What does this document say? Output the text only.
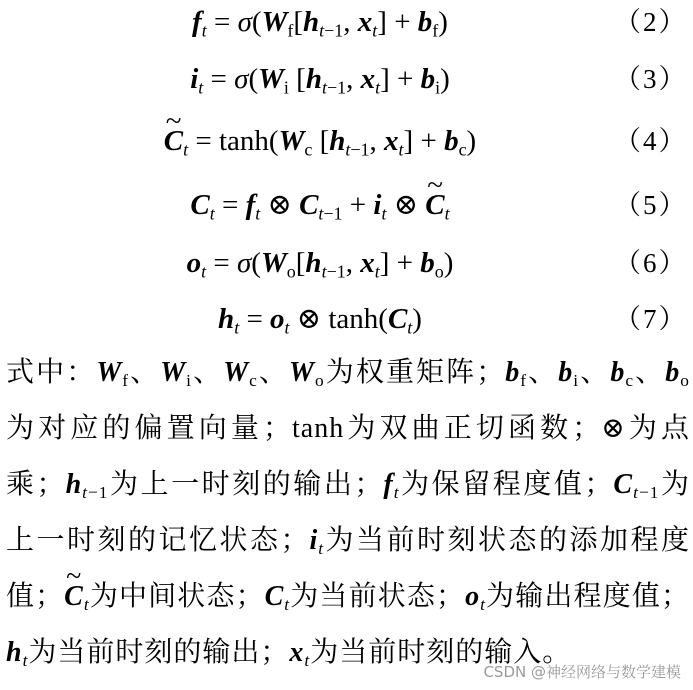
$f_t = \sigma(Wf[h_t-1$, $x_t] + bf$)	（2）
$i_t = \sigma(Wi$ [$h_t-1$, $x_t] + bi$)	（3）
~ $C_t = \tanh(Wc$ [$h_t-1$, $x_t] + bc$)	（4）
$C_t = f_t$ ⊗ $C_t-1 + i_t$ ⊗ ~ $C_t$	（5）
$o_t = \sigma(Wo[h_t-1$, $x_t] + bo$)	（6）
$h_t = o_t$ ⊗ $\tanh(C_t)$	（7）

式中：Wf、Wi、Wc、Wo为权重矩阵；bf、bi、bc、bo为对应的偏置向量；tanh为双曲正切函数；⊗为点乘；$h_t-1$为上一时刻的输出；$f_t$为保留程度值；$C_t-1$为上一时刻的记忆状态；$i_t$为当前时刻状态的添加程度值；~ $C_t$为中间状态；$C_t$为当前状态；$o_t$为输出程度值；$h_t$为当前时刻的输出；$x_t$为当前时刻的输入。

CSDN @神经网络与数学建模
